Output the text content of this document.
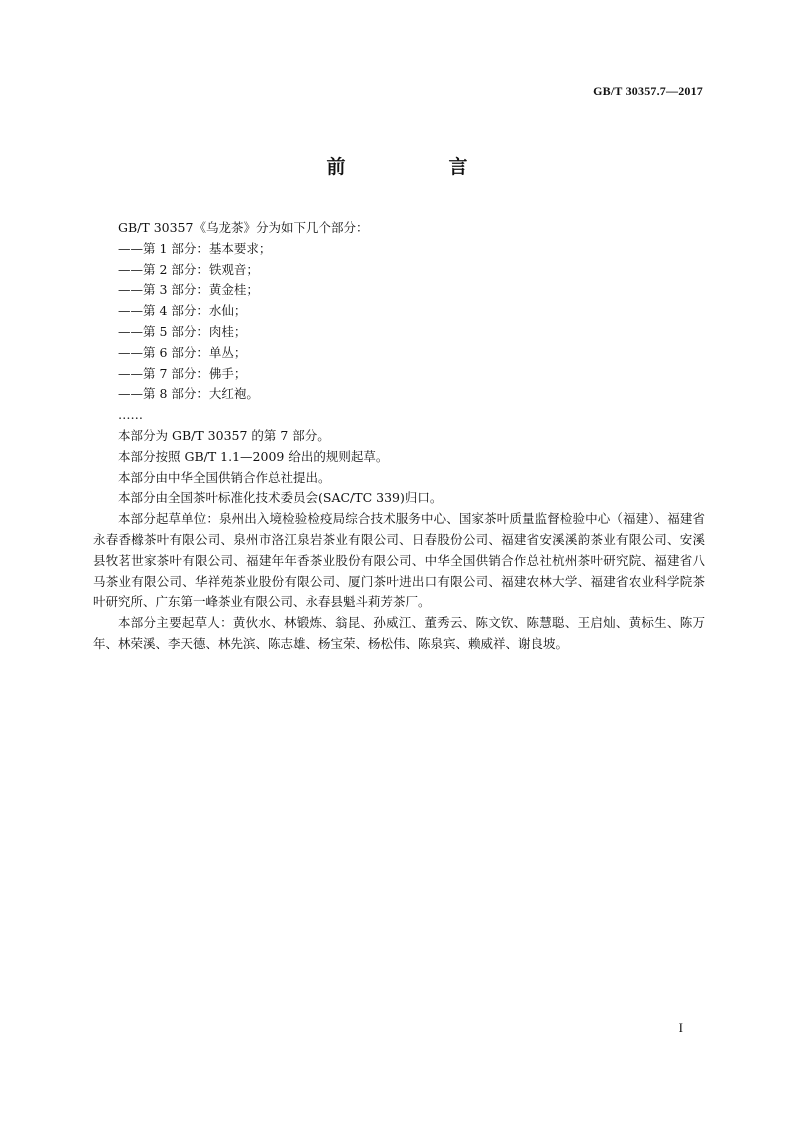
GB/T 30357.7—2017
前　言

GB/T 30357《乌龙茶》分为如下几个部分：

——第 1 部分：基本要求；

——第 2 部分：铁观音；

——第 3 部分：黄金桂；

——第 4 部分：水仙；

——第 5 部分：肉桂；

——第 6 部分：单丛；

——第 7 部分：佛手；

——第 8 部分：大红袍。

……

本部分为 GB/T 30357 的第 7 部分。

本部分按照 GB/T 1.1—2009 给出的规则起草。

本部分由中华全国供销合作总社提出。

本部分由全国茶叶标准化技术委员会(SAC/TC 339)归口。

本部分起草单位：泉州出入境检验检疫局综合技术服务中心、国家茶叶质量监督检验中心（福建）、福建省永春香橼茶叶有限公司、泉州市洛江泉岩茶业有限公司、日春股份公司、福建省安溪溪韵茶业有限公司、安溪县牧茗世家茶叶有限公司、福建年年香茶业股份有限公司、中华全国供销合作总社杭州茶叶研究院、福建省八马茶业有限公司、华祥苑茶业股份有限公司、厦门茶叶进出口有限公司、福建农林大学、福建省农业科学院茶叶研究所、广东第一峰茶业有限公司、永春县魁斗莉芳茶厂。

本部分主要起草人：黄伙水、林锻炼、翁昆、孙威江、董秀云、陈文钦、陈慧聪、王启灿、黄标生、陈万年、林荣溪、李天德、林先滨、陈志雄、杨宝荣、杨松伟、陈泉宾、赖威祥、谢良坡。

I
